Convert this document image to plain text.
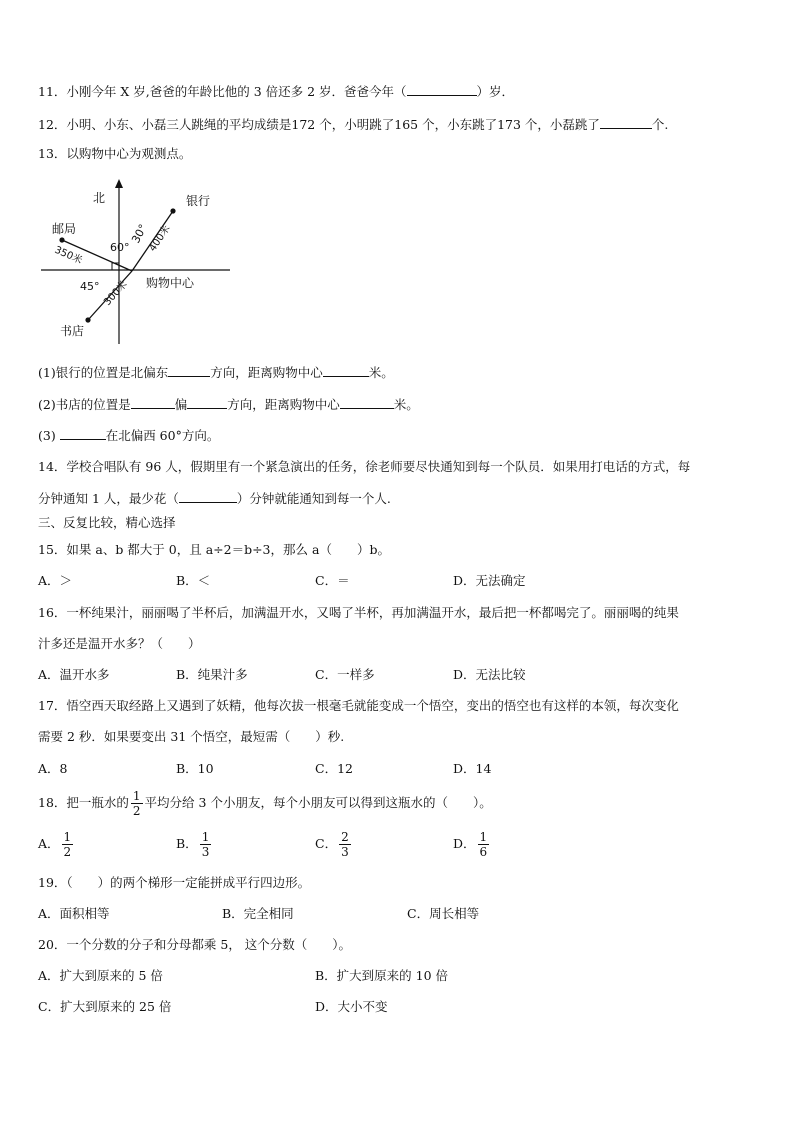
11．小刚今年 X 岁,爸爸的年龄比他的 3 倍还多 2 岁．爸爸今年（	）岁．
12．小明、小东、小磊三人跳绳的平均成绩是172 个，小明跳了165 个，小东跳了173 个，小磊跳了	个.
13．以购物中心为观测点。
北	银行
邮局
书店
购物中心
60°
30°
45°
400米
350米
300米
(1)银行的位置是北偏东	方向，距离购物中心	米。
(2)书店的位置是	偏	方向，距离购物中心	米。
(3)	在北偏西 60°方向。
14．学校合唱队有 96 人，假期里有一个紧急演出的任务，徐老师要尽快通知到每一个队员．如果用打电话的方式，每
分钟通知 1 人，最少花（	）分钟就能通知到每一个人.
三、反复比较，精心选择
15．如果 a、b 都大于 0，且 a÷2＝b÷3，那么 a（　　）b。
A．＞	B．＜	C．＝	D．无法确定
16．一杯纯果汁，丽丽喝了半杯后，加满温开水，又喝了半杯，再加满温开水，最后把一杯都喝完了。丽丽喝的纯果
汁多还是温开水多？（　　）
A．温开水多	B．纯果汁多	C．一样多	D．无法比较
17．悟空西天取经路上又遇到了妖精，他每次拔一根毫毛就能变成一个悟空，变出的悟空也有这样的本领，每次变化
需要 2 秒．如果要变出 31 个悟空，最短需（　　）秒.
A．8	B．10	C．12	D．14
18．把一瓶水的 $\frac{1}{2}$ 平均分给 3 个小朋友，每个小朋友可以得到这瓶水的（　　）。
A． $\frac{1}{2}$	B． $\frac{1}{3}$	C． $\frac{2}{3}$	D． $\frac{1}{6}$
19．（　　）的两个梯形一定能拼成平行四边形。
A．面积相等	B．完全相同	C．周长相等
20．一个分数的分子和分母都乘 5， 这个分数（　　）。
A．扩大到原来的 5 倍	B．扩大到原来的 10 倍
C．扩大到原来的 25 倍	D．大小不变
